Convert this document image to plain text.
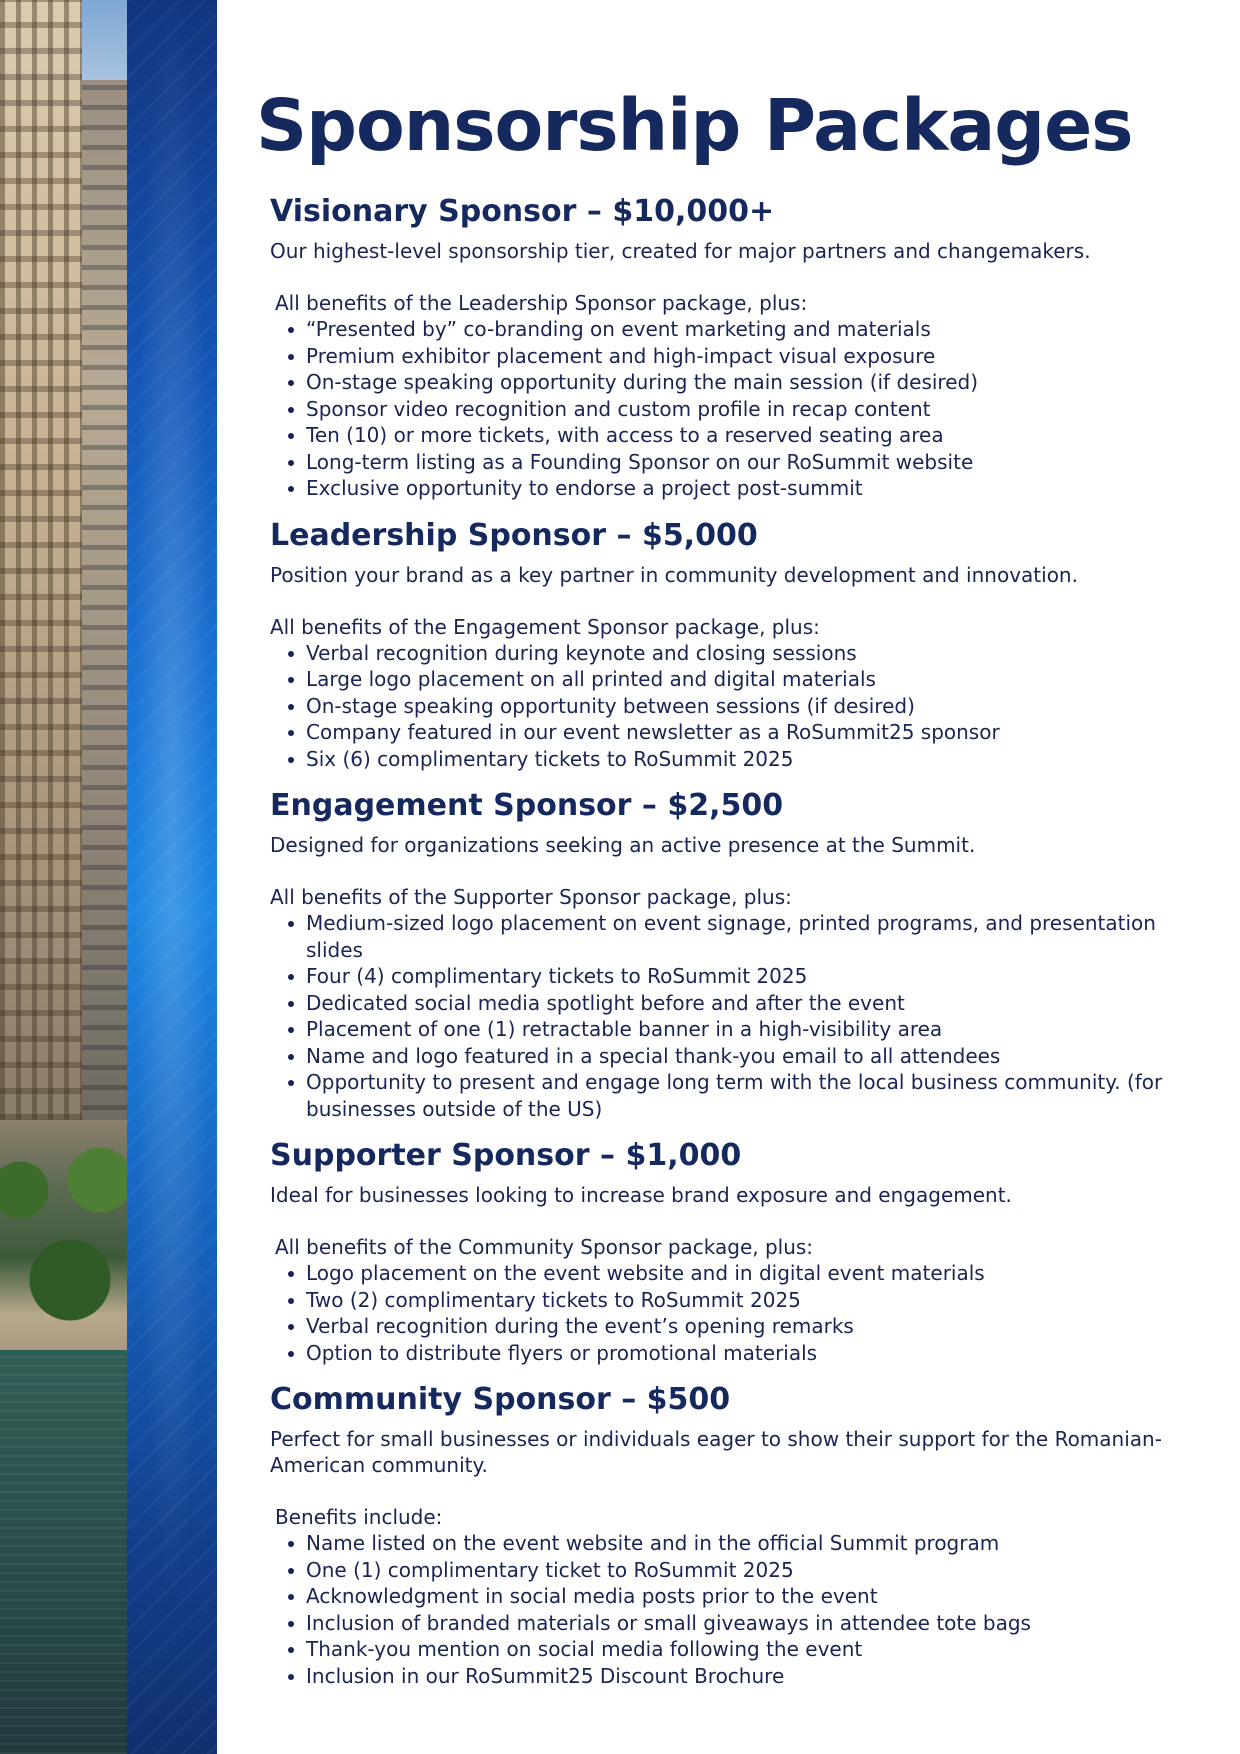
Sponsorship Packages
Visionary Sponsor – $10,000+

Our highest-level sponsorship tier, created for major partners and changemakers.

All benefits of the Leadership Sponsor package, plus:

“Presented by” co-branding on event marketing and materials
Premium exhibitor placement and high-impact visual exposure
On-stage speaking opportunity during the main session (if desired)
Sponsor video recognition and custom profile in recap content
Ten (10) or more tickets, with access to a reserved seating area
Long-term listing as a Founding Sponsor on our RoSummit website
Exclusive opportunity to endorse a project post-summit
Leadership Sponsor – $5,000

Position your brand as a key partner in community development and innovation.

All benefits of the Engagement Sponsor package, plus:

Verbal recognition during keynote and closing sessions
Large logo placement on all printed and digital materials
On-stage speaking opportunity between sessions (if desired)
Company featured in our event newsletter as a RoSummit25 sponsor
Six (6) complimentary tickets to RoSummit 2025
Engagement Sponsor – $2,500

Designed for organizations seeking an active presence at the Summit.

All benefits of the Supporter Sponsor package, plus:

Medium-sized logo placement on event signage, printed programs, and presentation slides
Four (4) complimentary tickets to RoSummit 2025
Dedicated social media spotlight before and after the event
Placement of one (1) retractable banner in a high-visibility area
Name and logo featured in a special thank-you email to all attendees
Opportunity to present and engage long term with the local business community. (for businesses outside of the US)
Supporter Sponsor – $1,000

Ideal for businesses looking to increase brand exposure and engagement.

All benefits of the Community Sponsor package, plus:

Logo placement on the event website and in digital event materials
Two (2) complimentary tickets to RoSummit 2025
Verbal recognition during the event’s opening remarks
Option to distribute flyers or promotional materials
Community Sponsor – $500

Perfect for small businesses or individuals eager to show their support for the Romanian-American community.

Benefits include:

Name listed on the event website and in the official Summit program
One (1) complimentary ticket to RoSummit 2025
Acknowledgment in social media posts prior to the event
Inclusion of branded materials or small giveaways in attendee tote bags
Thank-you mention on social media following the event
Inclusion in our RoSummit25 Discount Brochure
